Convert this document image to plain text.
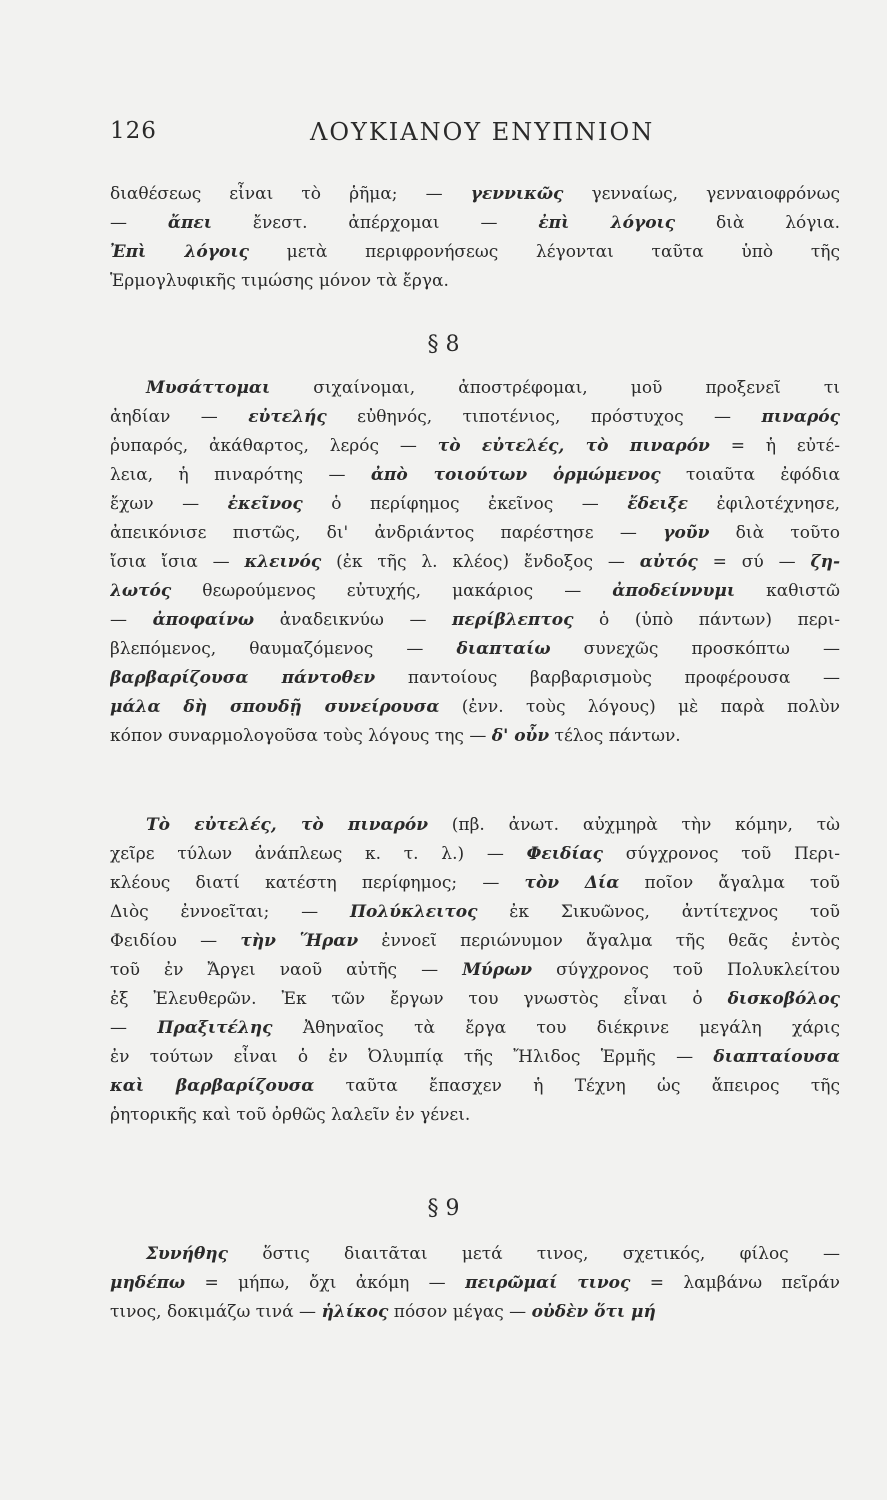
126	ΛΟΥΚΙΑΝΟΥ ΕΝΥΠΝΙΟΝ
διαθέσεως εἶναι τὸ ῥῆμα; — γεννικῶς γενναίως, γενναιοφρόνως
— ἄπει ἔνεστ. ἀπέρχομαι — ἐπὶ λόγοις διὰ λόγια.
Ἐπὶ λόγοις μετὰ περιφρονήσεως λέγονται ταῦτα ὑπὸ τῆς
Ἑρμογλυφικῆς τιμώσης μόνον τὰ ἔργα.
§ 8
Μυσάττομαι σιχαίνομαι, ἀποστρέφομαι, μοῦ προξενεῖ τι
ἀηδίαν — εὐτελής εὐθηνός, τιποτένιος, πρόστυχος — πιναρός
ῥυπαρός, ἀκάθαρτος, λερός — τὸ εὐτελές, τὸ πιναρόν = ἡ εὐτέ-
λεια, ἡ πιναρότης — ἀπὸ τοιούτων ὁρμώμενος τοιαῦτα ἐφόδια
ἔχων — ἐκεῖνος ὁ περίφημος ἐκεῖνος — ἔδειξε ἐφιλοτέχνησε,
ἀπεικόνισε πιστῶς, δι' ἀνδριάντος παρέστησε — γοῦν διὰ τοῦτο
ἴσια ἴσια — κλεινός (ἐκ τῆς λ. κλέος) ἔνδοξος — αὐτός = σύ — ζη-
λωτός θεωρούμενος εὐτυχής, μακάριος — ἀποδείννυμι καθιστῶ
— ἀποφαίνω ἀναδεικνύω — περίβλεπτος ὁ (ὑπὸ πάντων) περι-
βλεπόμενος, θαυμαζόμενος — διαπταίω συνεχῶς προσκόπτω —
βαρβαρίζουσα πάντοθεν παντοίους βαρβαρισμοὺς προφέρουσα —
μάλα δὴ σπουδῇ συνείρουσα (ἐνν. τοὺς λόγους) μὲ παρὰ πολὺν
κόπον συναρμολογοῦσα τοὺς λόγους της — δ' οὖν τέλος πάντων.
Τὸ εὐτελές, τὸ πιναρόν (πβ. ἀνωτ. αὐχμηρὰ τὴν κόμην, τὼ
χεῖρε τύλων ἀνάπλεως κ. τ. λ.) — Φειδίας σύγχρονος τοῦ Περι-
κλέους διατί κατέστη περίφημος; — τὸν Δία ποῖον ἄγαλμα τοῦ
Διὸς ἐννοεῖται; — Πολύκλειτος ἐκ Σικυῶνος, ἀντίτεχνος τοῦ
Φειδίου — τὴν Ἥραν ἐννοεῖ περιώνυμον ἄγαλμα τῆς θεᾶς ἐντὸς
τοῦ ἐν Ἄργει ναοῦ αὐτῆς — Μύρων σύγχρονος τοῦ Πολυκλείτου
ἐξ Ἐλευθερῶν. Ἐκ τῶν ἔργων του γνωστὸς εἶναι ὁ δισκοβόλος
— Πραξιτέλης Ἀθηναῖος τὰ ἔργα του διέκρινε μεγάλη χάρις
ἐν τούτων εἶναι ὁ ἐν Ὀλυμπίᾳ τῆς Ἤλιδος Ἑρμῆς — διαπταίουσα
καὶ βαρβαρίζουσα ταῦτα ἔπασχεν ἡ Τέχνη ὡς ἄπειρος τῆς
ῥητορικῆς καὶ τοῦ ὀρθῶς λαλεῖν ἐν γένει.
§ 9
Συνήθης ὅστις διαιτᾶται μετά τινος, σχετικός, φίλος —
μηδέπω = μήπω, ὄχι ἀκόμη — πειρῶμαί τινος = λαμβάνω πεῖράν
τινος, δοκιμάζω τινά — ἡλίκος πόσον μέγας — οὐδὲν ὅτι μή
